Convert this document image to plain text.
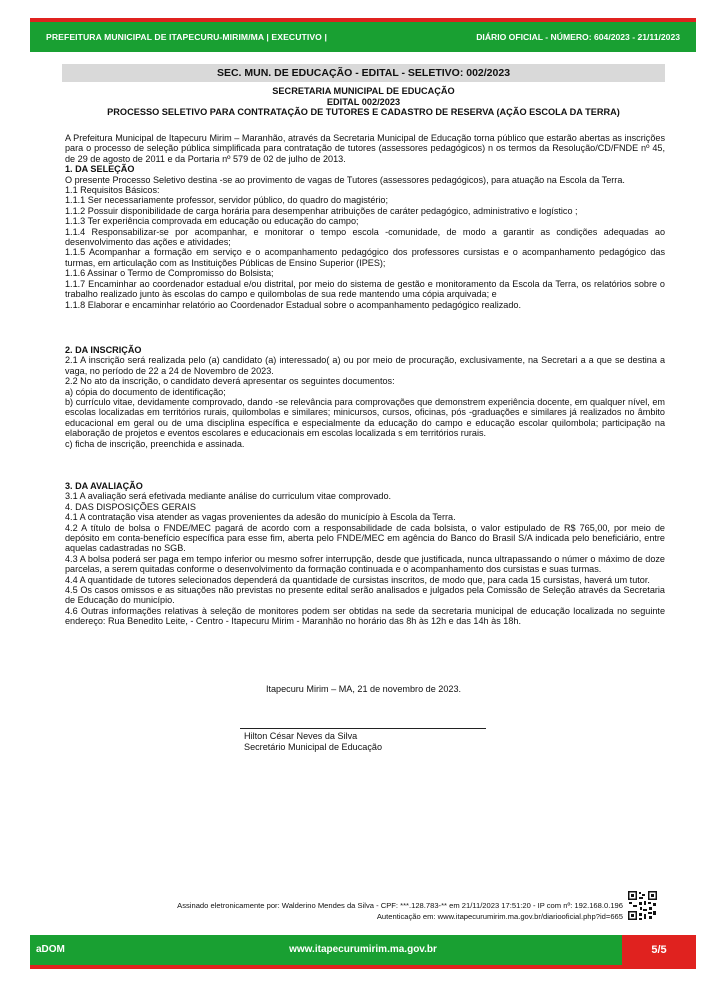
PREFEITURA MUNICIPAL DE ITAPECURU-MIRIM/MA | EXECUTIVO |	DIÁRIO OFICIAL - NÚMERO: 604/2023 - 21/11/2023
SEC. MUN. DE EDUCAÇÃO - EDITAL - SELETIVO: 002/2023
SECRETARIA MUNICIPAL DE EDUCAÇÃO
EDITAL 002/2023
PROCESSO SELETIVO PARA CONTRATAÇÃO DE TUTORES E CADASTRO DE RESERVA (AÇÃO ESCOLA DA TERRA)

A Prefeitura Municipal de Itapecuru Mirim – Maranhão, através da Secretaria Municipal de Educação torna público que estarão abertas as inscrições para o processo de seleção pública simplificada para contratação de tutores (assessores pedagógicos) n os termos da Resolução/CD/FNDE nº 45, de 29 de agosto de 2011 e da Portaria nº 579 de 02 de julho de 2013.

1. DA SELEÇÃO

O presente Processo Seletivo destina -se ao provimento de vagas de Tutores (assessores pedagógicos), para atuação na Escola da Terra.

1.1 Requisitos Básicos:

1.1.1 Ser necessariamente professor, servidor público, do quadro do magistério;

1.1.2 Possuir disponibilidade de carga horária para desempenhar atribuições de caráter pedagógico, administrativo e logístico ;

1.1.3 Ter experiência comprovada em educação ou educação do campo;

1.1.4 Responsabilizar-se por acompanhar, e monitorar o tempo escola -comunidade, de modo a garantir as condições adequadas ao desenvolvimento das ações e atividades;

1.1.5 Acompanhar a formação em serviço e o acompanhamento pedagógico dos professores cursistas e o acompanhamento pedagógico das turmas, em articulação com as Instituições Públicas de Ensino Superior (IPES);

1.1.6 Assinar o Termo de Compromisso do Bolsista;

1.1.7 Encaminhar ao coordenador estadual e/ou distrital, por meio do sistema de gestão e monitoramento da Escola da Terra, os relatórios sobre o trabalho realizado junto às escolas do campo e quilombolas de sua rede mantendo uma cópia arquivada; e

1.1.8 Elaborar e encaminhar relatório ao Coordenador Estadual sobre o acompanhamento pedagógico realizado.

2. DA INSCRIÇÃO

2.1 A inscrição será realizada pelo (a) candidato (a) interessado( a) ou por meio de procuração, exclusivamente, na Secretari a a que se destina a vaga, no período de 22 a 24 de Novembro de 2023.

2.2 No ato da inscrição, o candidato deverá apresentar os seguintes documentos:

a) cópia do documento de identificação;

b) currículo vitae, devidamente comprovado, dando -se relevância para comprovações que demonstrem experiência docente, em qualquer nível, em escolas localizadas em territórios rurais, quilombolas e similares; minicursos, cursos, oficinas, pós -graduações e similares já realizados no âmbito educacional em geral ou de uma disciplina específica e especialmente da educação do campo e educação escolar quilombola; participação na elaboração de projetos e eventos escolares e educacionais em escolas localizada s em territórios rurais.

c) ficha de inscrição, preenchida e assinada.

3. DA AVALIAÇÃO

3.1 A avaliação será efetivada mediante análise do curriculum vitae comprovado.

4. DAS DISPOSIÇÕES GERAIS

4.1 A contratação visa atender as vagas provenientes da adesão do município à Escola da Terra.

4.2 A título de bolsa o FNDE/MEC pagará de acordo com a responsabilidade de cada bolsista, o valor estipulado de R$ 765,00, por meio de depósito em conta-benefício específica para esse fim, aberta pelo FNDE/MEC em agência do Banco do Brasil S/A indicada pelo beneficiário, entre aquelas cadastradas no SGB.

4.3 A bolsa poderá ser paga em tempo inferior ou mesmo sofrer interrupção, desde que justificada, nunca ultrapassando o númer o máximo de doze parcelas, a serem quitadas conforme o desenvolvimento da formação continuada e o acompanhamento dos cursistas e suas turmas.

4.4 A quantidade de tutores selecionados dependerá da quantidade de cursistas inscritos, de modo que, para cada 15 cursistas, haverá um tutor.

4.5 Os casos omissos e as situações não previstas no presente edital serão analisados e julgados pela Comissão de Seleção através da Secretaria de Educação do município.

4.6 Outras informações relativas à seleção de monitores podem ser obtidas na sede da secretaria municipal de educação localizada no seguinte endereço: Rua Benedito Leite, - Centro - Itapecuru Mirim - Maranhão no horário das 8h às 12h e das 14h às 18h.

Itapecuru Mirim – MA, 21 de novembro de 2023.
Hilton César Neves da Silva
Secretário Municipal de Educação
Assinado eletronicamente por: Walderino Mendes da Silva - CPF: ***.128.783-** em 21/11/2023 17:51:20 - IP com nº: 192.168.0.196
Autenticação em: www.itapecurumirim.ma.gov.br/diariooficial.php?id=665
aDOM	www.itapecurumirim.ma.gov.br	5/5
